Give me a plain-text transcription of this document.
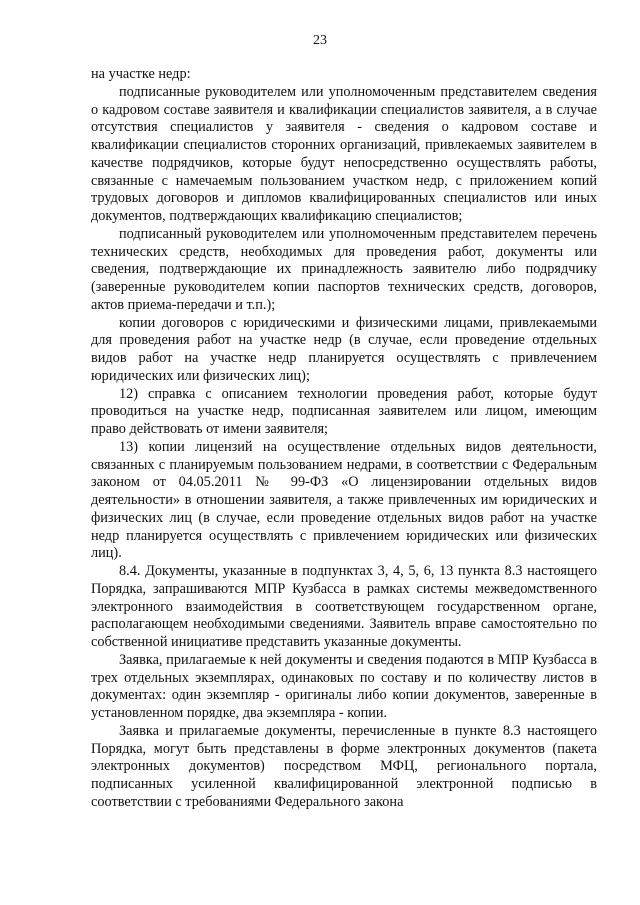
23

на участке недр:

подписанные руководителем или уполномоченным представителем сведения о кадровом составе заявителя и квалификации специалистов заявителя, а в случае отсутствия специалистов у заявителя - сведения о кадровом составе и квалификации специалистов сторонних организаций, привлекаемых заявителем в качестве подрядчиков, которые будут непосредственно осуществлять работы, связанные с намечаемым пользованием участком недр, с приложением копий трудовых договоров и дипломов квалифицированных специалистов или иных документов, подтверждающих квалификацию специалистов;

подписанный руководителем или уполномоченным представителем перечень технических средств, необходимых для проведения работ, документы или сведения, подтверждающие их принадлежность заявителю либо подрядчику (заверенные руководителем копии паспортов технических средств, договоров, актов приема-передачи и т.п.);

копии договоров с юридическими и физическими лицами, привлекаемыми для проведения работ на участке недр (в случае, если проведение отдельных видов работ на участке недр планируется осуществлять с привлечением юридических или физических лиц);

12) справка с описанием технологии проведения работ, которые будут проводиться на участке недр, подписанная заявителем или лицом, имеющим право действовать от имени заявителя;

13) копии лицензий на осуществление отдельных видов деятельности, связанных с планируемым пользованием недрами, в соответствии с Федеральным законом от 04.05.2011 № 99-ФЗ «О лицензировании отдельных видов деятельности» в отношении заявителя, а также привлеченных им юридических и физических лиц (в случае, если проведение отдельных видов работ на участке недр планируется осуществлять с привлечением юридических или физических лиц).

8.4. Документы, указанные в подпунктах 3, 4, 5, 6, 13 пункта 8.3 настоящего Порядка, запрашиваются МПР Кузбасса в рамках системы межведомственного электронного взаимодействия в соответствующем государственном органе, располагающем необходимыми сведениями. Заявитель вправе самостоятельно по собственной инициативе представить указанные документы.

Заявка, прилагаемые к ней документы и сведения подаются в МПР Кузбасса в трех отдельных экземплярах, одинаковых по составу и по количеству листов в документах: один экземпляр - оригиналы либо копии документов, заверенные в установленном порядке, два экземпляра - копии.

Заявка и прилагаемые документы, перечисленные в пункте 8.3 настоящего Порядка, могут быть представлены в форме электронных документов (пакета электронных документов) посредством МФЦ, регионального портала, подписанных усиленной квалифицированной электронной подписью в соответствии с требованиями Федерального закона
